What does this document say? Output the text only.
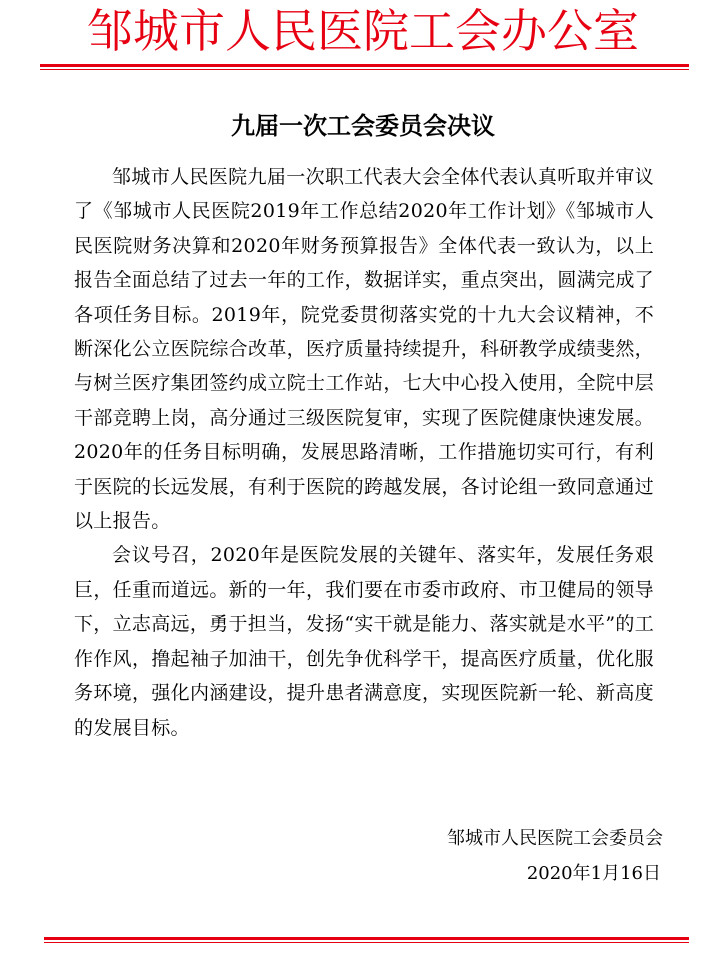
邹城市人民医院工会办公室
九届一次工会委员会决议

邹城市人民医院九届一次职工代表大会全体代表认真听取并审议了《邹城市人民医院2019年工作总结2020年工作计划》《邹城市人民医院财务决算和2020年财务预算报告》全体代表一致认为，以上报告全面总结了过去一年的工作，数据详实，重点突出，圆满完成了各项任务目标。2019年，院党委贯彻落实党的十九大会议精神，不断深化公立医院综合改革，医疗质量持续提升，科研教学成绩斐然，与树兰医疗集团签约成立院士工作站，七大中心投入使用，全院中层干部竞聘上岗，高分通过三级医院复审，实现了医院健康快速发展。2020年的任务目标明确，发展思路清晰，工作措施切实可行，有利于医院的长远发展，有利于医院的跨越发展，各讨论组一致同意通过以上报告。

会议号召，2020年是医院发展的关键年、落实年，发展任务艰巨，任重而道远。新的一年，我们要在市委市政府、市卫健局的领导下，立志高远，勇于担当，发扬“实干就是能力、落实就是水平”的工作作风，撸起袖子加油干，创先争优科学干，提高医疗质量，优化服务环境，强化内涵建设，提升患者满意度，实现医院新一轮、新高度的发展目标。

邹城市人民医院工会委员会
2020年1月16日
